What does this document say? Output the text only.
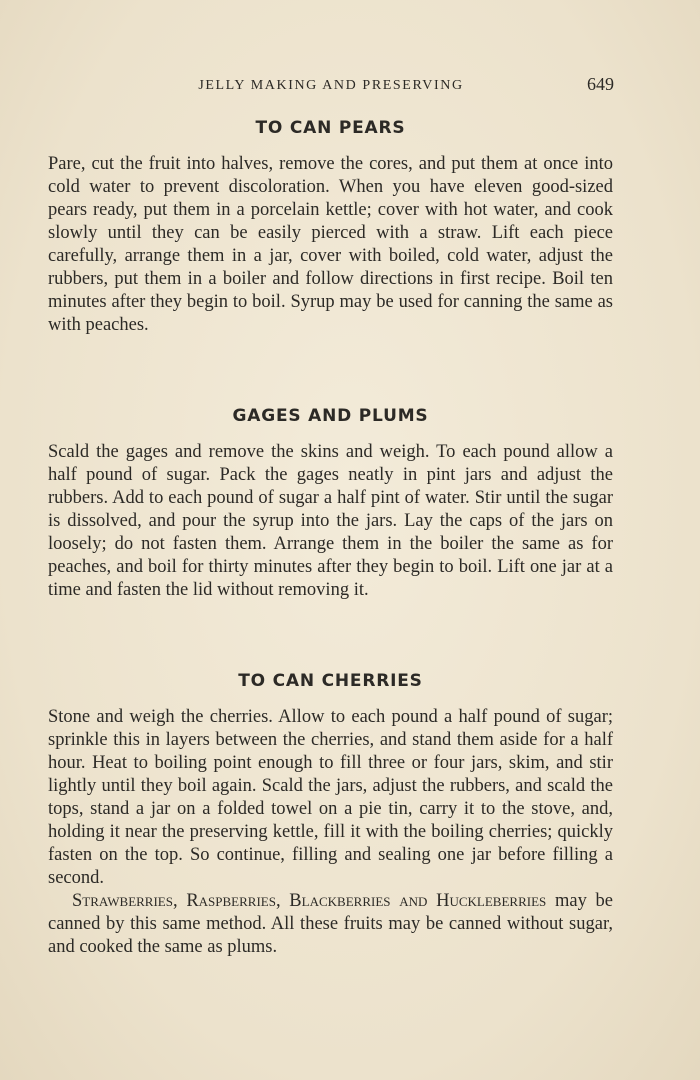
JELLY MAKING AND PRESERVING	649
TO CAN PEARS

Pare, cut the fruit into halves, remove the cores, and put them at once into cold water to prevent discoloration. When you have eleven good-sized pears ready, put them in a porcelain kettle; cover with hot water, and cook slowly until they can be easily pierced with a straw. Lift each piece carefully, arrange them in a jar, cover with boiled, cold water, adjust the rubbers, put them in a boiler and follow directions in first recipe. Boil ten minutes after they begin to boil. Syrup may be used for canning the same as with peaches.

GAGES AND PLUMS

Scald the gages and remove the skins and weigh. To each pound allow a half pound of sugar. Pack the gages neatly in pint jars and adjust the rubbers. Add to each pound of sugar a half pint of water. Stir until the sugar is dissolved, and pour the syrup into the jars. Lay the caps of the jars on loosely; do not fasten them. Arrange them in the boiler the same as for peaches, and boil for thirty minutes after they begin to boil. Lift one jar at a time and fasten the lid without removing it.

TO CAN CHERRIES

Stone and weigh the cherries. Allow to each pound a half pound of sugar; sprinkle this in layers between the cherries, and stand them aside for a half hour. Heat to boiling point enough to fill three or four jars, skim, and stir lightly until they boil again. Scald the jars, adjust the rubbers, and scald the tops, stand a jar on a folded towel on a pie tin, carry it to the stove, and, holding it near the preserving kettle, fill it with the boiling cherries; quickly fasten on the top. So continue, filling and sealing one jar before filling a second.

Strawberries, Raspberries, Blackberries and Huckleberries may be canned by this same method. All these fruits may be canned without sugar, and cooked the same as plums.
